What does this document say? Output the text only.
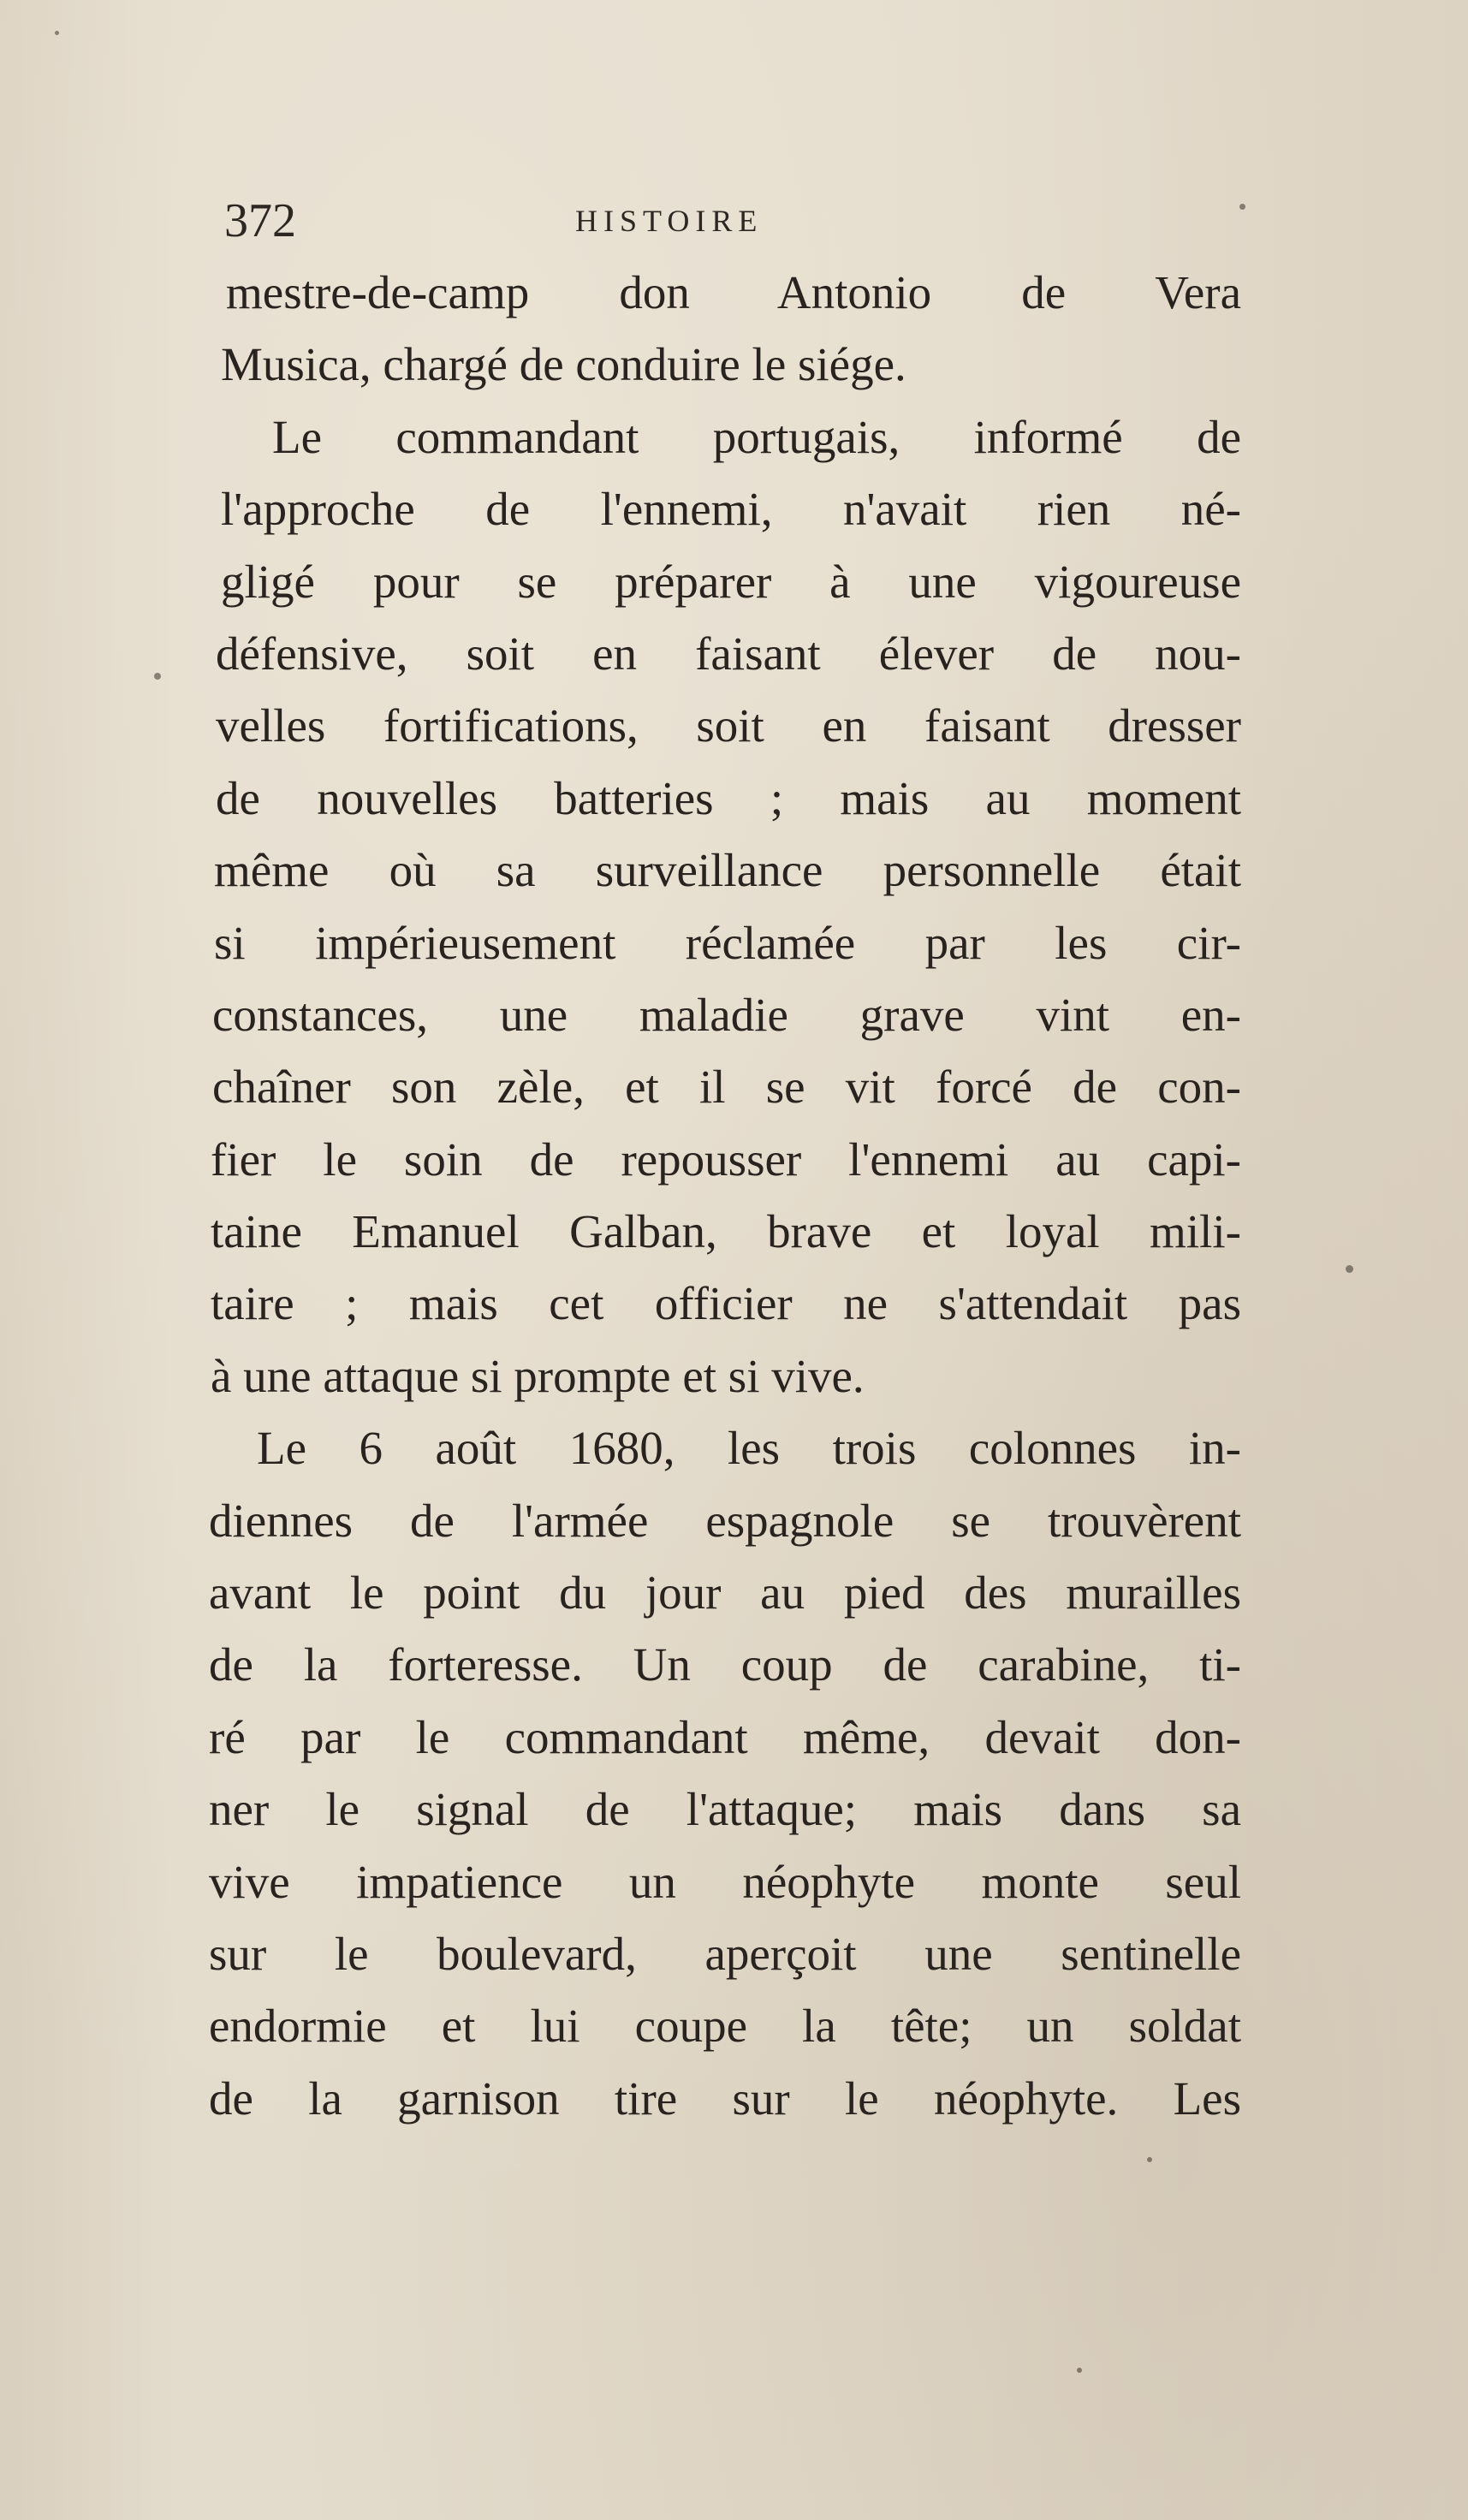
372	HISTOIRE
mestre-de-camp don Antonio de Vera
Musica, chargé de conduire le siége.
Le commandant portugais, informé de
l'approche de l'ennemi, n'avait rien né-
gligé pour se préparer à une vigoureuse
défensive, soit en faisant élever de nou-
velles fortifications, soit en faisant dresser
de nouvelles batteries ; mais au moment
même où sa surveillance personnelle était
si impérieusement réclamée par les cir-
constances, une maladie grave vint en-
chaîner son zèle, et il se vit forcé de con-
fier le soin de repousser l'ennemi au capi-
taine Emanuel Galban, brave et loyal mili-
taire ; mais cet officier ne s'attendait pas
à une attaque si prompte et si vive.
Le 6 août 1680, les trois colonnes in-
diennes de l'armée espagnole se trouvèrent
avant le point du jour au pied des murailles
de la forteresse. Un coup de carabine, ti-
ré par le commandant même, devait don-
ner le signal de l'attaque; mais dans sa
vive impatience un néophyte monte seul
sur le boulevard, aperçoit une sentinelle
endormie et lui coupe la tête; un soldat
de la garnison tire sur le néophyte. Les
